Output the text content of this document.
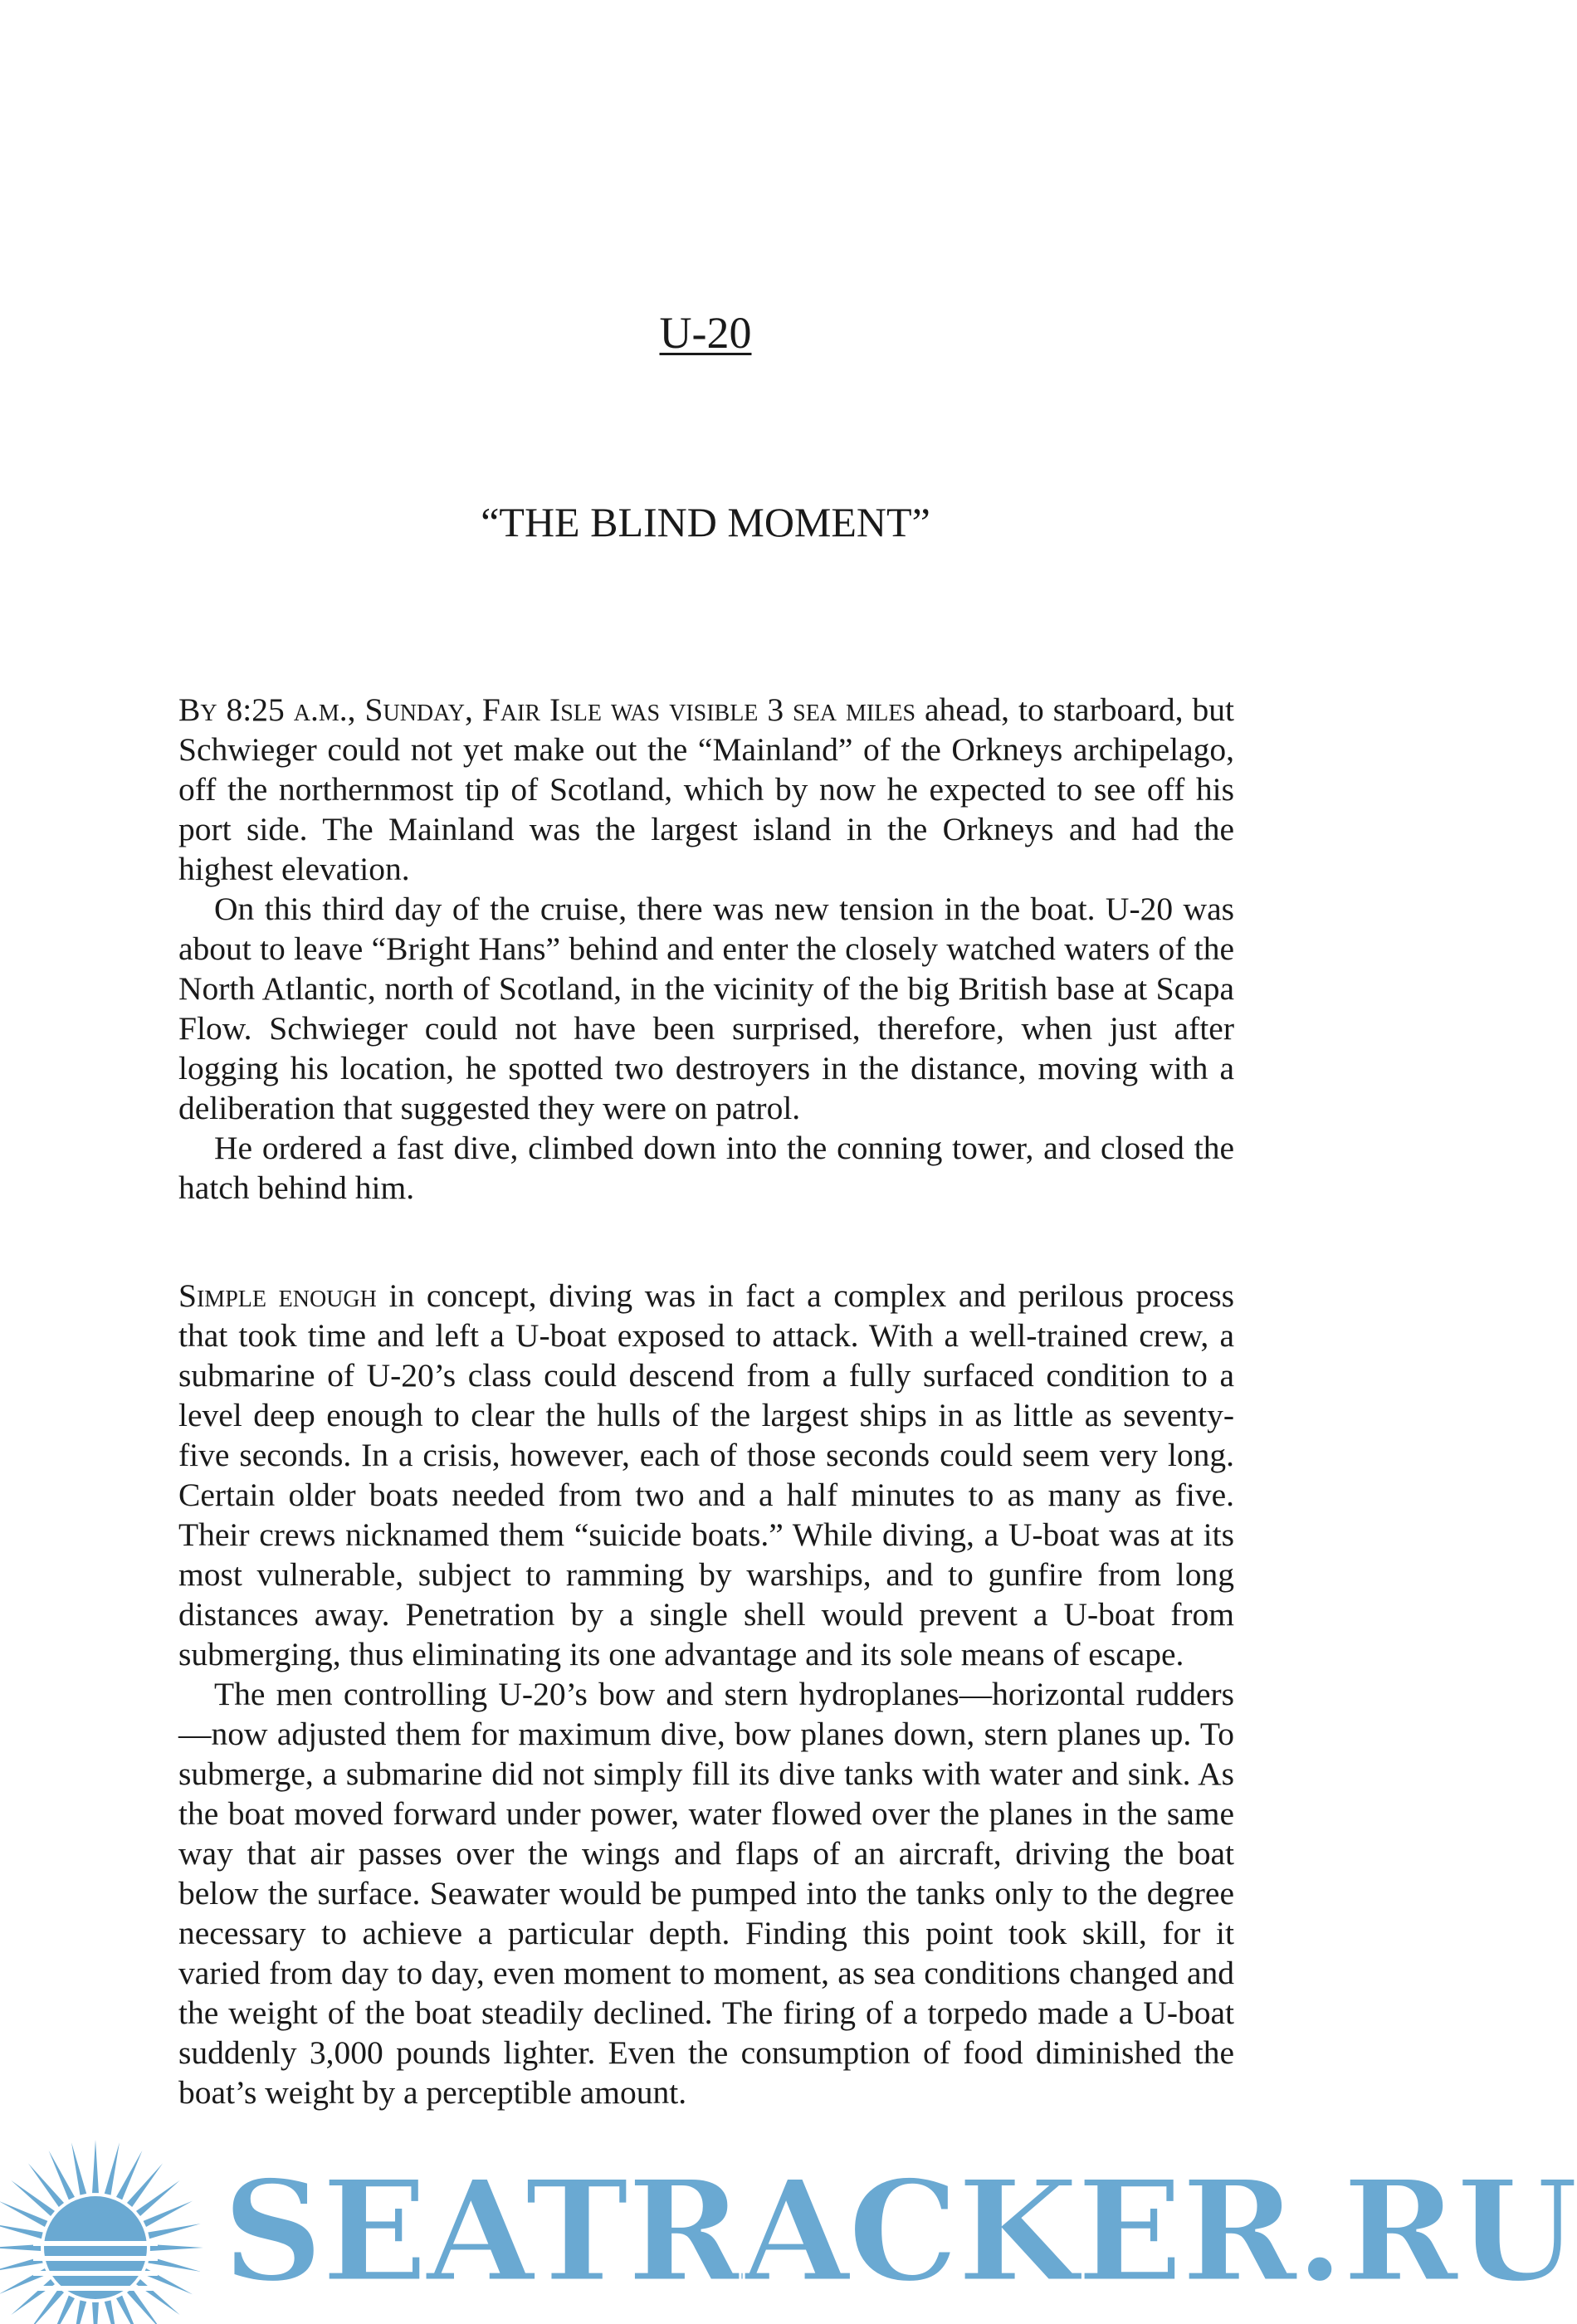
U-20
“THE BLIND MOMENT”

By 8:25 a.m., Sunday, Fair Isle was visible 3 sea miles ahead, to starboard, but Schwieger could not yet make out the “Mainland” of the Orkneys archipelago, off the northernmost tip of Scotland, which by now he expected to see off his port side. The Mainland was the largest island in the Orkneys and had the highest elevation.

On this third day of the cruise, there was new tension in the boat. U-20 was about to leave “Bright Hans” behind and enter the closely watched waters of the North Atlantic, north of Scotland, in the vicinity of the big British base at Scapa Flow. Schwieger could not have been surprised, therefore, when just after logging his location, he spotted two destroyers in the distance, moving with a deliberation that suggested they were on patrol.

He ordered a fast dive, climbed down into the conning tower, and closed the hatch behind him.

Simple enough in concept, diving was in fact a complex and perilous process that took time and left a U-boat exposed to attack. With a well-trained crew, a submarine of U-20’s class could descend from a fully surfaced condition to a level deep enough to clear the hulls of the largest ships in as little as seventy-five seconds. In a crisis, however, each of those seconds could seem very long. Certain older boats needed from two and a half minutes to as many as five. Their crews nicknamed them “suicide boats.” While diving, a U-boat was at its most vulnerable, subject to ramming by warships, and to gunfire from long distances away. Penetration by a single shell would prevent a U-boat from submerging, thus eliminating its one advantage and its sole means of escape.

The men controlling U-20’s bow and stern hydroplanes—horizontal rudders—now adjusted them for maximum dive, bow planes down, stern planes up. To submerge, a submarine did not simply fill its dive tanks with water and sink. As the boat moved forward under power, water flowed over the planes in the same way that air passes over the wings and flaps of an aircraft, driving the boat below the surface. Seawater would be pumped into the tanks only to the degree necessary to achieve a particular depth. Finding this point took skill, for it varied from day to day, even moment to moment, as sea conditions changed and the weight of the boat steadily declined. The firing of a torpedo made a U-boat suddenly 3,000 pounds lighter. Even the consumption of food diminished the boat’s weight by a perceptible amount.

SEATRACKER.RU
